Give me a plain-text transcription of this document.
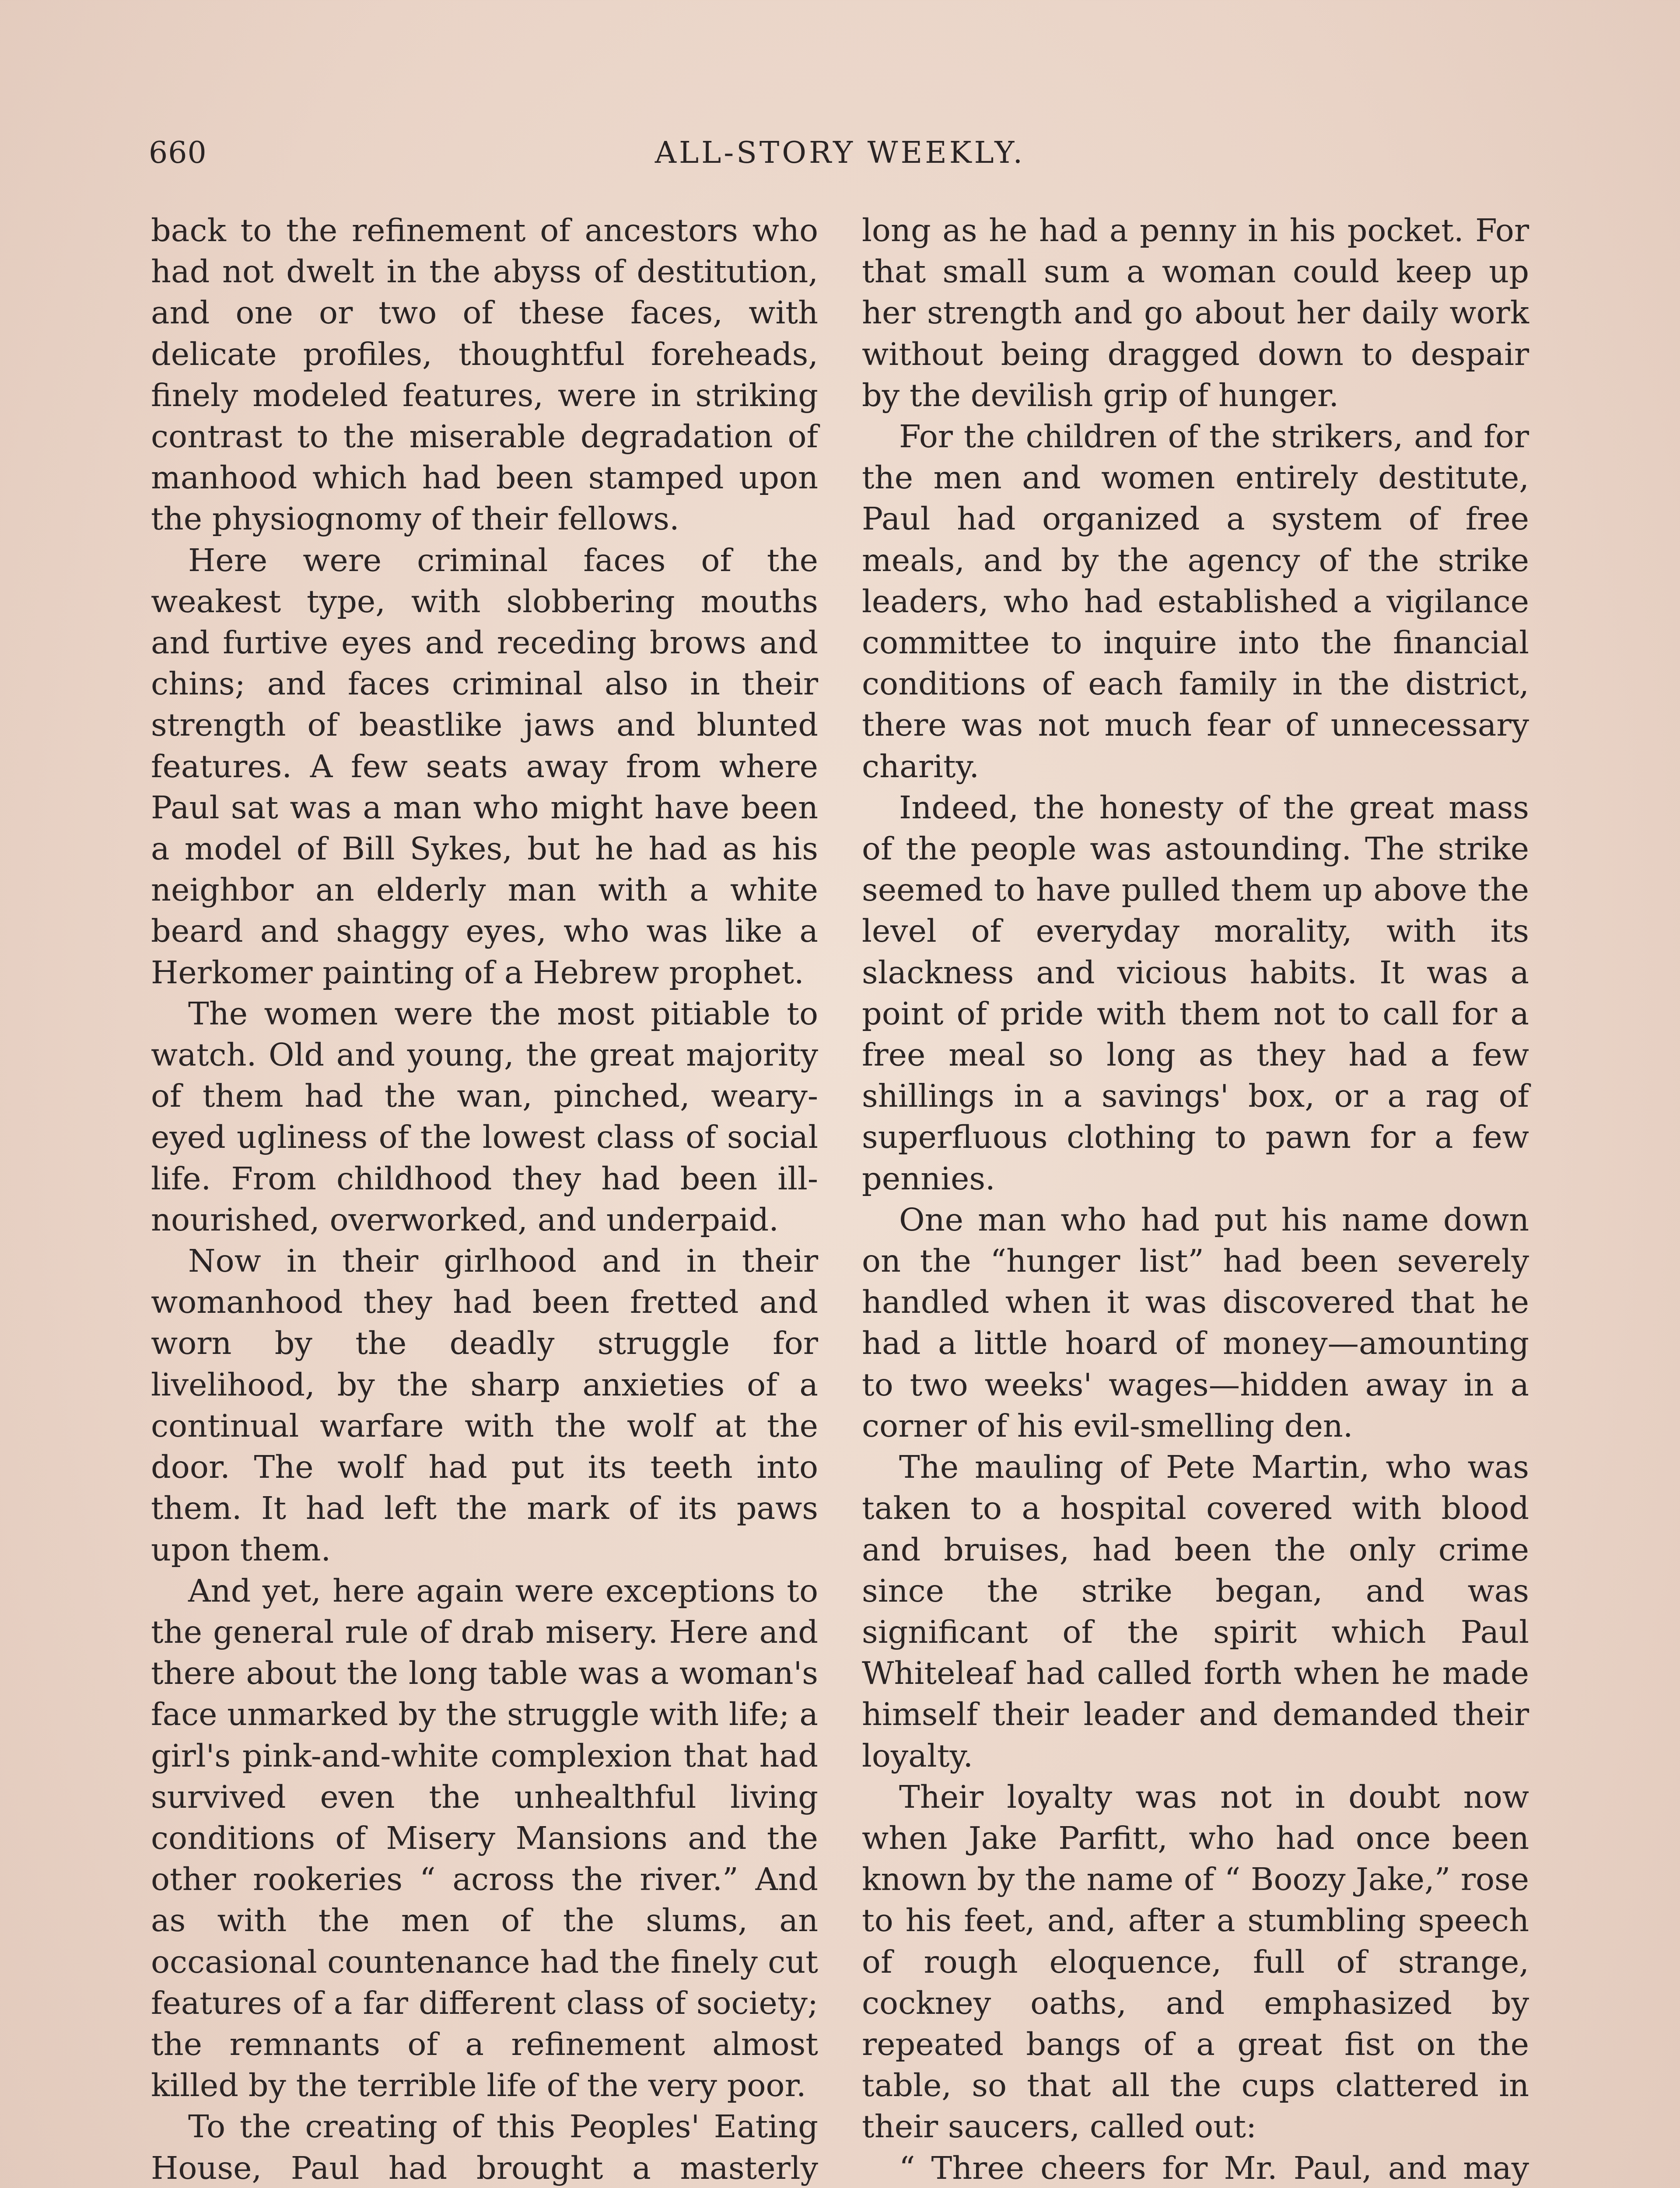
660	ALL-STORY WEEKLY.

back to the refinement of ancestors who had not dwelt in the abyss of destitution, and one or two of these faces, with delicate profiles, thoughtful foreheads, finely modeled features, were in striking contrast to the miserable degradation of manhood which had been stamped upon the physiognomy of their fellows.

Here were criminal faces of the weakest type, with slobbering mouths and furtive eyes and receding brows and chins; and faces criminal also in their strength of beastlike jaws and blunted features. A few seats away from where Paul sat was a man who might have been a model of Bill Sykes, but he had as his neighbor an elderly man with a white beard and shaggy eyes, who was like a Herkomer painting of a Hebrew prophet.

The women were the most pitiable to watch. Old and young, the great majority of them had the wan, pinched, weary-eyed ugliness of the lowest class of social life. From childhood they had been ill-nourished, overworked, and underpaid.

Now in their girlhood and in their womanhood they had been fretted and worn by the deadly struggle for livelihood, by the sharp anxieties of a continual warfare with the wolf at the door. The wolf had put its teeth into them. It had left the mark of its paws upon them.

And yet, here again were exceptions to the general rule of drab misery. Here and there about the long table was a woman's face unmarked by the struggle with life; a girl's pink-and-white complexion that had survived even the unhealthful living conditions of Misery Mansions and the other rookeries “ across the river.” And as with the men of the slums, an occasional countenance had the finely cut features of a far different class of society; the remnants of a refinement almost killed by the terrible life of the very poor.

To the creating of this Peoples' Eating House, Paul had brought a masterly

long as he had a penny in his pocket. For that small sum a woman could keep up her strength and go about her daily work without being dragged down to despair by the devilish grip of hunger.

For the children of the strikers, and for the men and women entirely destitute, Paul had organized a system of free meals, and by the agency of the strike leaders, who had established a vigilance committee to inquire into the financial conditions of each family in the district, there was not much fear of unnecessary charity.

Indeed, the honesty of the great mass of the people was astounding. The strike seemed to have pulled them up above the level of everyday morality, with its slackness and vicious habits. It was a point of pride with them not to call for a free meal so long as they had a few shillings in a savings' box, or a rag of superfluous clothing to pawn for a few pennies.

One man who had put his name down on the “hunger list” had been severely handled when it was discovered that he had a little hoard of money—amounting to two weeks' wages—hidden away in a corner of his evil-smelling den.

The mauling of Pete Martin, who was taken to a hospital covered with blood and bruises, had been the only crime since the strike began, and was significant of the spirit which Paul Whiteleaf had called forth when he made himself their leader and demanded their loyalty.

Their loyalty was not in doubt now when Jake Parfitt, who had once been known by the name of “ Boozy Jake,” rose to his feet, and, after a stumbling speech of rough eloquence, full of strange, cockney oaths, and emphasized by repeated bangs of a great fist on the table, so that all the cups clattered in their saucers, called out:

“ Three cheers for Mr. Paul, and may
